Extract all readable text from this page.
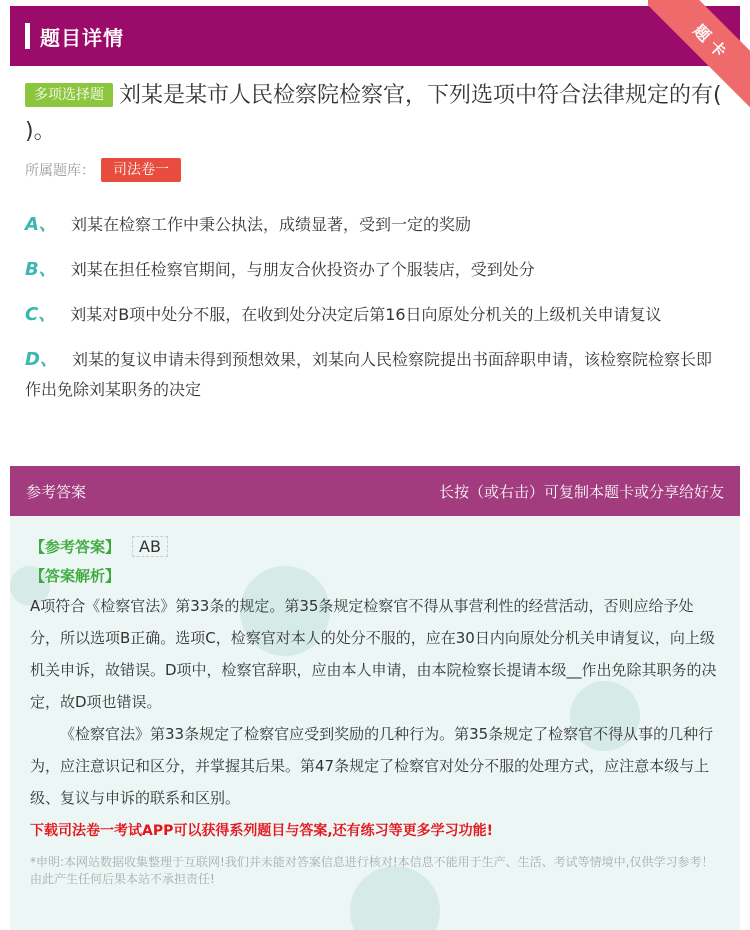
题目详情	题卡
多项选择题 刘某是某市人民检察院检察官，下列选项中符合法律规定的有( )。
所属题库：	司法卷一
A、 刘某在检察工作中秉公执法，成绩显著，受到一定的奖励
B、 刘某在担任检察官期间，与朋友合伙投资办了个服装店，受到处分
C、 刘某对B项中处分不服，在收到处分决定后第16日向原处分机关的上级机关申请复议
D、 刘某的复议申请未得到预想效果，刘某向人民检察院提出书面辞职申请，该检察院检察长即作出免除刘某职务的决定
参考答案	长按（或右击）可复制本题卡或分享给好友
【参考答案】	AB
【答案解析】
A项符合《检察官法》第33条的规定。第35条规定检察官不得从事营利性的经营活动，否则应给予处分，所以选项B正确。选项C，检察官对本人的处分不服的，应在30日内向原处分机关申请复议，向上级机关申诉，故错误。D项中，检察官辞职，应由本人申请，由本院检察长提请本级__作出免除其职务的决定，故D项也错误。
《检察官法》第33条规定了检察官应受到奖励的几种行为。第35条规定了检察官不得从事的几种行为，应注意识记和区分，并掌握其后果。第47条规定了检察官对处分不服的处理方式，应注意本级与上级、复议与申诉的联系和区别。
下载司法卷一考试APP可以获得系列题目与答案,还有练习等更多学习功能!
*申明:本网站数据收集整理于互联网!我们并未能对答案信息进行核对!本信息不能用于生产、生活、考试等情境中,仅供学习参考！由此产生任何后果本站不承担责任!
